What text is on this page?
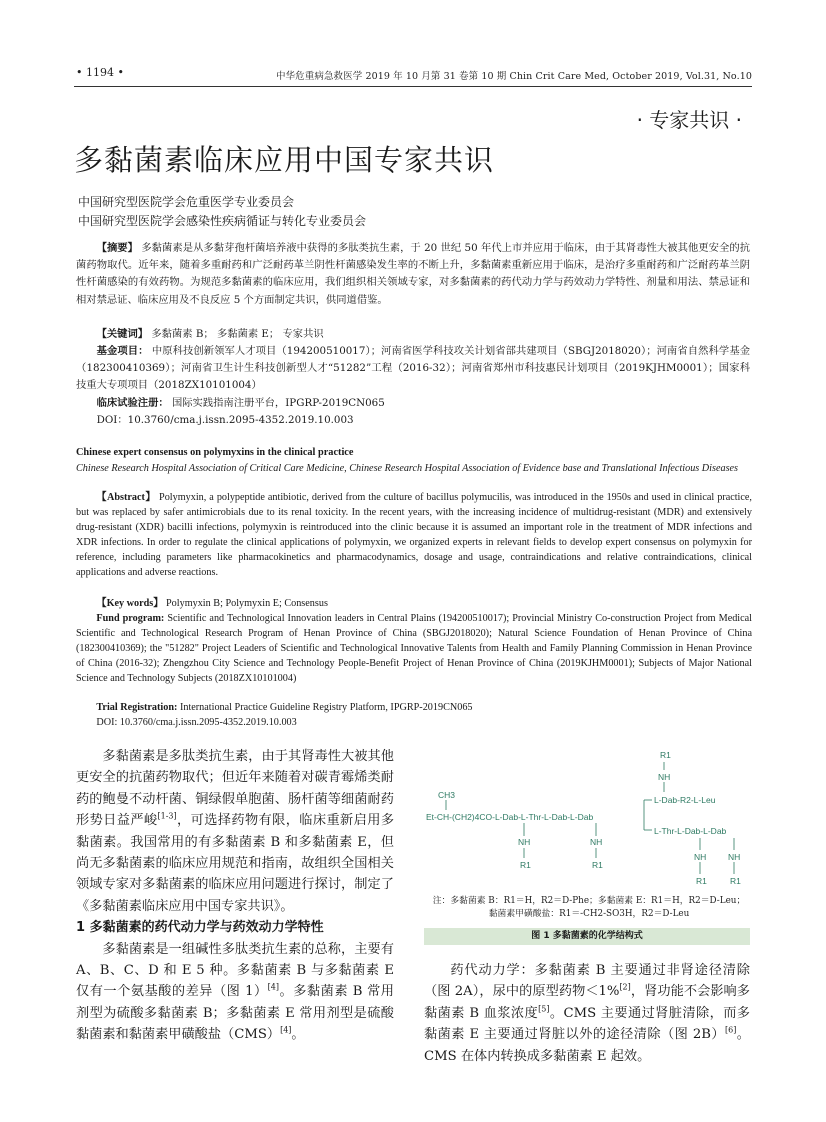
• 1194 •	中华危重病急救医学 2019 年 10 月第 31 卷第 10 期 Chin Crit Care Med, October 2019, Vol.31, No.10
· 专家共识 ·
多黏菌素临床应用中国专家共识
中国研究型医院学会危重医学专业委员会
中国研究型医院学会感染性疾病循证与转化专业委员会
【摘要】 多黏菌素是从多黏芽孢杆菌培养液中获得的多肽类抗生素，于 20 世纪 50 年代上市并应用于临床，由于其肾毒性大被其他更安全的抗菌药物取代。近年来，随着多重耐药和广泛耐药革兰阴性杆菌感染发生率的不断上升，多黏菌素重新应用于临床，是治疗多重耐药和广泛耐药革兰阴性杆菌感染的有效药物。为规范多黏菌素的临床应用，我们组织相关领域专家，对多黏菌素的药代动力学与药效动力学特性、剂量和用法、禁忌证和相对禁忌证、临床应用及不良反应 5 个方面制定共识，供同道借鉴。
【关键词】 多黏菌素 B； 多黏菌素 E； 专家共识
基金项目： 中原科技创新领军人才项目（194200510017）；河南省医学科技攻关计划省部共建项目（SBGJ2018020）；河南省自然科学基金（182300410369）；河南省卫生计生科技创新型人才“51282”工程（2016-32）；河南省郑州市科技惠民计划项目（2019KJHM0001）；国家科技重大专项项目（2018ZX10101004）
临床试验注册： 国际实践指南注册平台，IPGRP-2019CN065
DOI：10.3760/cma.j.issn.2095-4352.2019.10.003
Chinese expert consensus on polymyxins in the clinical practice
Chinese Research Hospital Association of Critical Care Medicine, Chinese Research Hospital Association of Evidence base and Translational Infectious Diseases
【Abstract】 Polymyxin, a polypeptide antibiotic, derived from the culture of bacillus polymucilis, was introduced in the 1950s and used in clinical practice, but was replaced by safer antimicrobials due to its renal toxicity. In the recent years, with the increasing incidence of multidrug-resistant (MDR) and extensively drug-resistant (XDR) bacilli infections, polymyxin is reintroduced into the clinic because it is assumed an important role in the treatment of MDR infections and XDR infections. In order to regulate the clinical applications of polymyxin, we organized experts in relevant fields to develop expert consensus on polymyxin for reference, including parameters like pharmacokinetics and pharmacodynamics, dosage and usage, contraindications and relative contraindications, clinical applications and adverse reactions.
【Key words】 Polymyxin B; Polymyxin E; Consensus
Fund program: Scientific and Technological Innovation leaders in Central Plains (194200510017); Provincial Ministry Co-construction Project from Medical Scientific and Technological Research Program of Henan Province of China (SBGJ2018020); Natural Science Foundation of Henan Province of China (182300410369); the "51282" Project Leaders of Scientific and Technological Innovative Talents from Health and Family Planning Commission in Henan Province of China (2016-32); Zhengzhou City Science and Technology People-Benefit Project of Henan Province of China (2019KJHM0001); Subjects of Major National Science and Technology Subjects (2018ZX10101004)
Trial Registration: International Practice Guideline Registry Platform, IPGRP-2019CN065
DOI: 10.3760/cma.j.issn.2095-4352.2019.10.003

多黏菌素是多肽类抗生素，由于其肾毒性大被其他更安全的抗菌药物取代；但近年来随着对碳青霉烯类耐药的鲍曼不动杆菌、铜绿假单胞菌、肠杆菌等细菌耐药形势日益严峻[1-3]，可选择药物有限，临床重新启用多黏菌素。我国常用的有多黏菌素 B 和多黏菌素 E，但尚无多黏菌素的临床应用规范和指南，故组织全国相关领域专家对多黏菌素的临床应用问题进行探讨，制定了《多黏菌素临床应用中国专家共识》。

1 多黏菌素的药代动力学与药效动力学特性

多黏菌素是一组碱性多肽类抗生素的总称，主要有 A、B、C、D 和 E 5 种。多黏菌素 B 与多黏菌素 E 仅有一个氨基酸的差异（图 1）[4]。多黏菌素 B 常用剂型为硫酸多黏菌素 B；多黏菌素 E 常用剂型是硫酸黏菌素和黏菌素甲磺酸盐（CMS）[4]。

R1
NH
L-Dab-R2-L-Leu
CH3
Et-CH-(CH2)4CO-L-Dab-L-Thr-L-Dab-L-Dab
L-Thr-L-Dab-L-Dab
NH	NH
NH	NH
R1	R1
R1	R1
注：多黏菌素 B：R1＝H，R2＝D-Phe；多黏菌素 E：R1＝H，R2＝D-Leu；
黏菌素甲磺酸盐：R1＝-CH2-SO3H，R2＝D-Leu
图 1 多黏菌素的化学结构式
药代动力学：多黏菌素 B 主要通过非肾途径清除（图 2A），尿中的原型药物＜1%[2]，肾功能不会影响多黏菌素 B 血浆浓度[5]。CMS 主要通过肾脏清除，而多黏菌素 E 主要通过肾脏以外的途径清除（图 2B）[6]。CMS 在体内转换成多黏菌素 E 起效。
